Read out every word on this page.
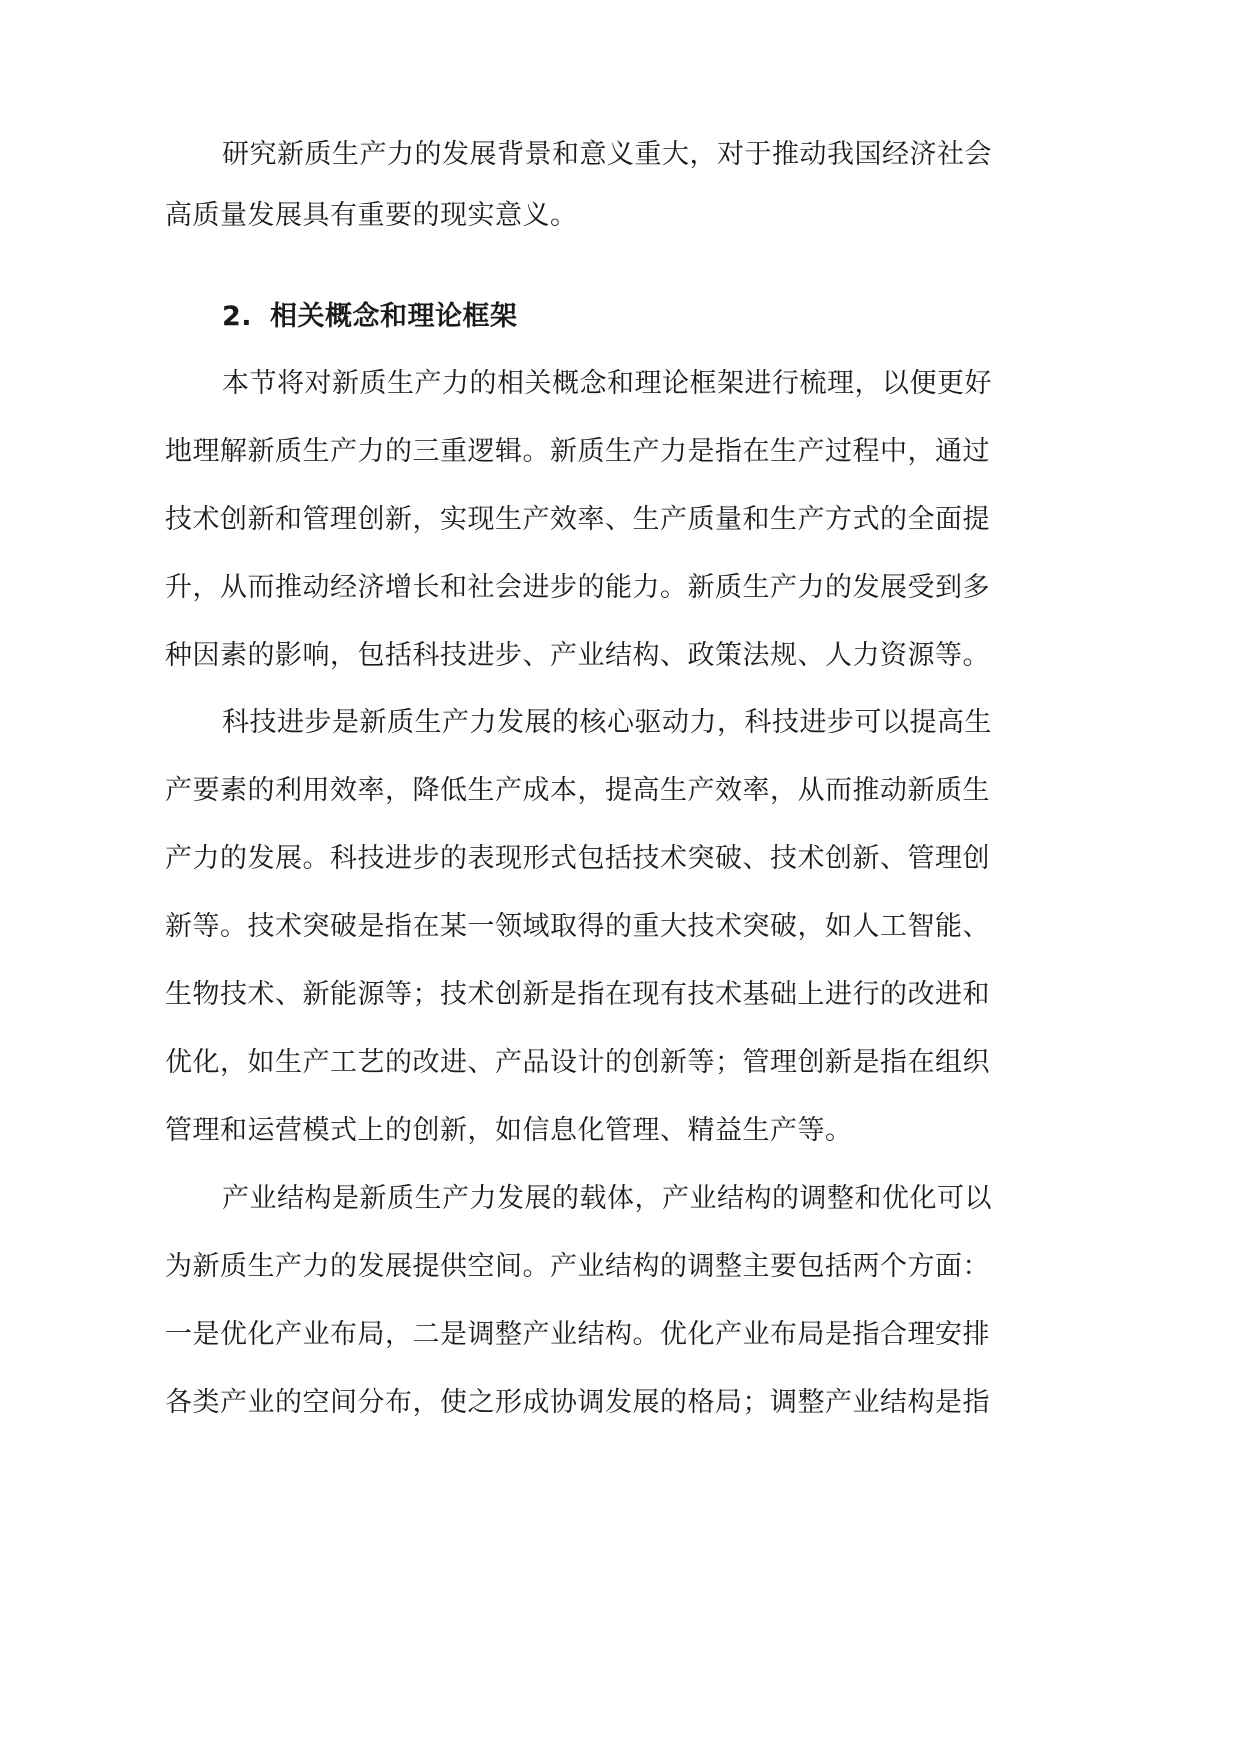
研究新质生产力的发展背景和意义重大，对于推动我国经济社会
高质量发展具有重要的现实意义。
2. 相关概念和理论框架
本节将对新质生产力的相关概念和理论框架进行梳理，以便更好
地理解新质生产力的三重逻辑。新质生产力是指在生产过程中，通过
技术创新和管理创新，实现生产效率、生产质量和生产方式的全面提
升，从而推动经济增长和社会进步的能力。新质生产力的发展受到多
种因素的影响，包括科技进步、产业结构、政策法规、人力资源等。
科技进步是新质生产力发展的核心驱动力，科技进步可以提高生
产要素的利用效率，降低生产成本，提高生产效率，从而推动新质生
产力的发展。科技进步的表现形式包括技术突破、技术创新、管理创
新等。技术突破是指在某一领域取得的重大技术突破，如人工智能、
生物技术、新能源等；技术创新是指在现有技术基础上进行的改进和
优化，如生产工艺的改进、产品设计的创新等；管理创新是指在组织
管理和运营模式上的创新，如信息化管理、精益生产等。
产业结构是新质生产力发展的载体，产业结构的调整和优化可以
为新质生产力的发展提供空间。产业结构的调整主要包括两个方面：
一是优化产业布局，二是调整产业结构。优化产业布局是指合理安排
各类产业的空间分布，使之形成协调发展的格局；调整产业结构是指
